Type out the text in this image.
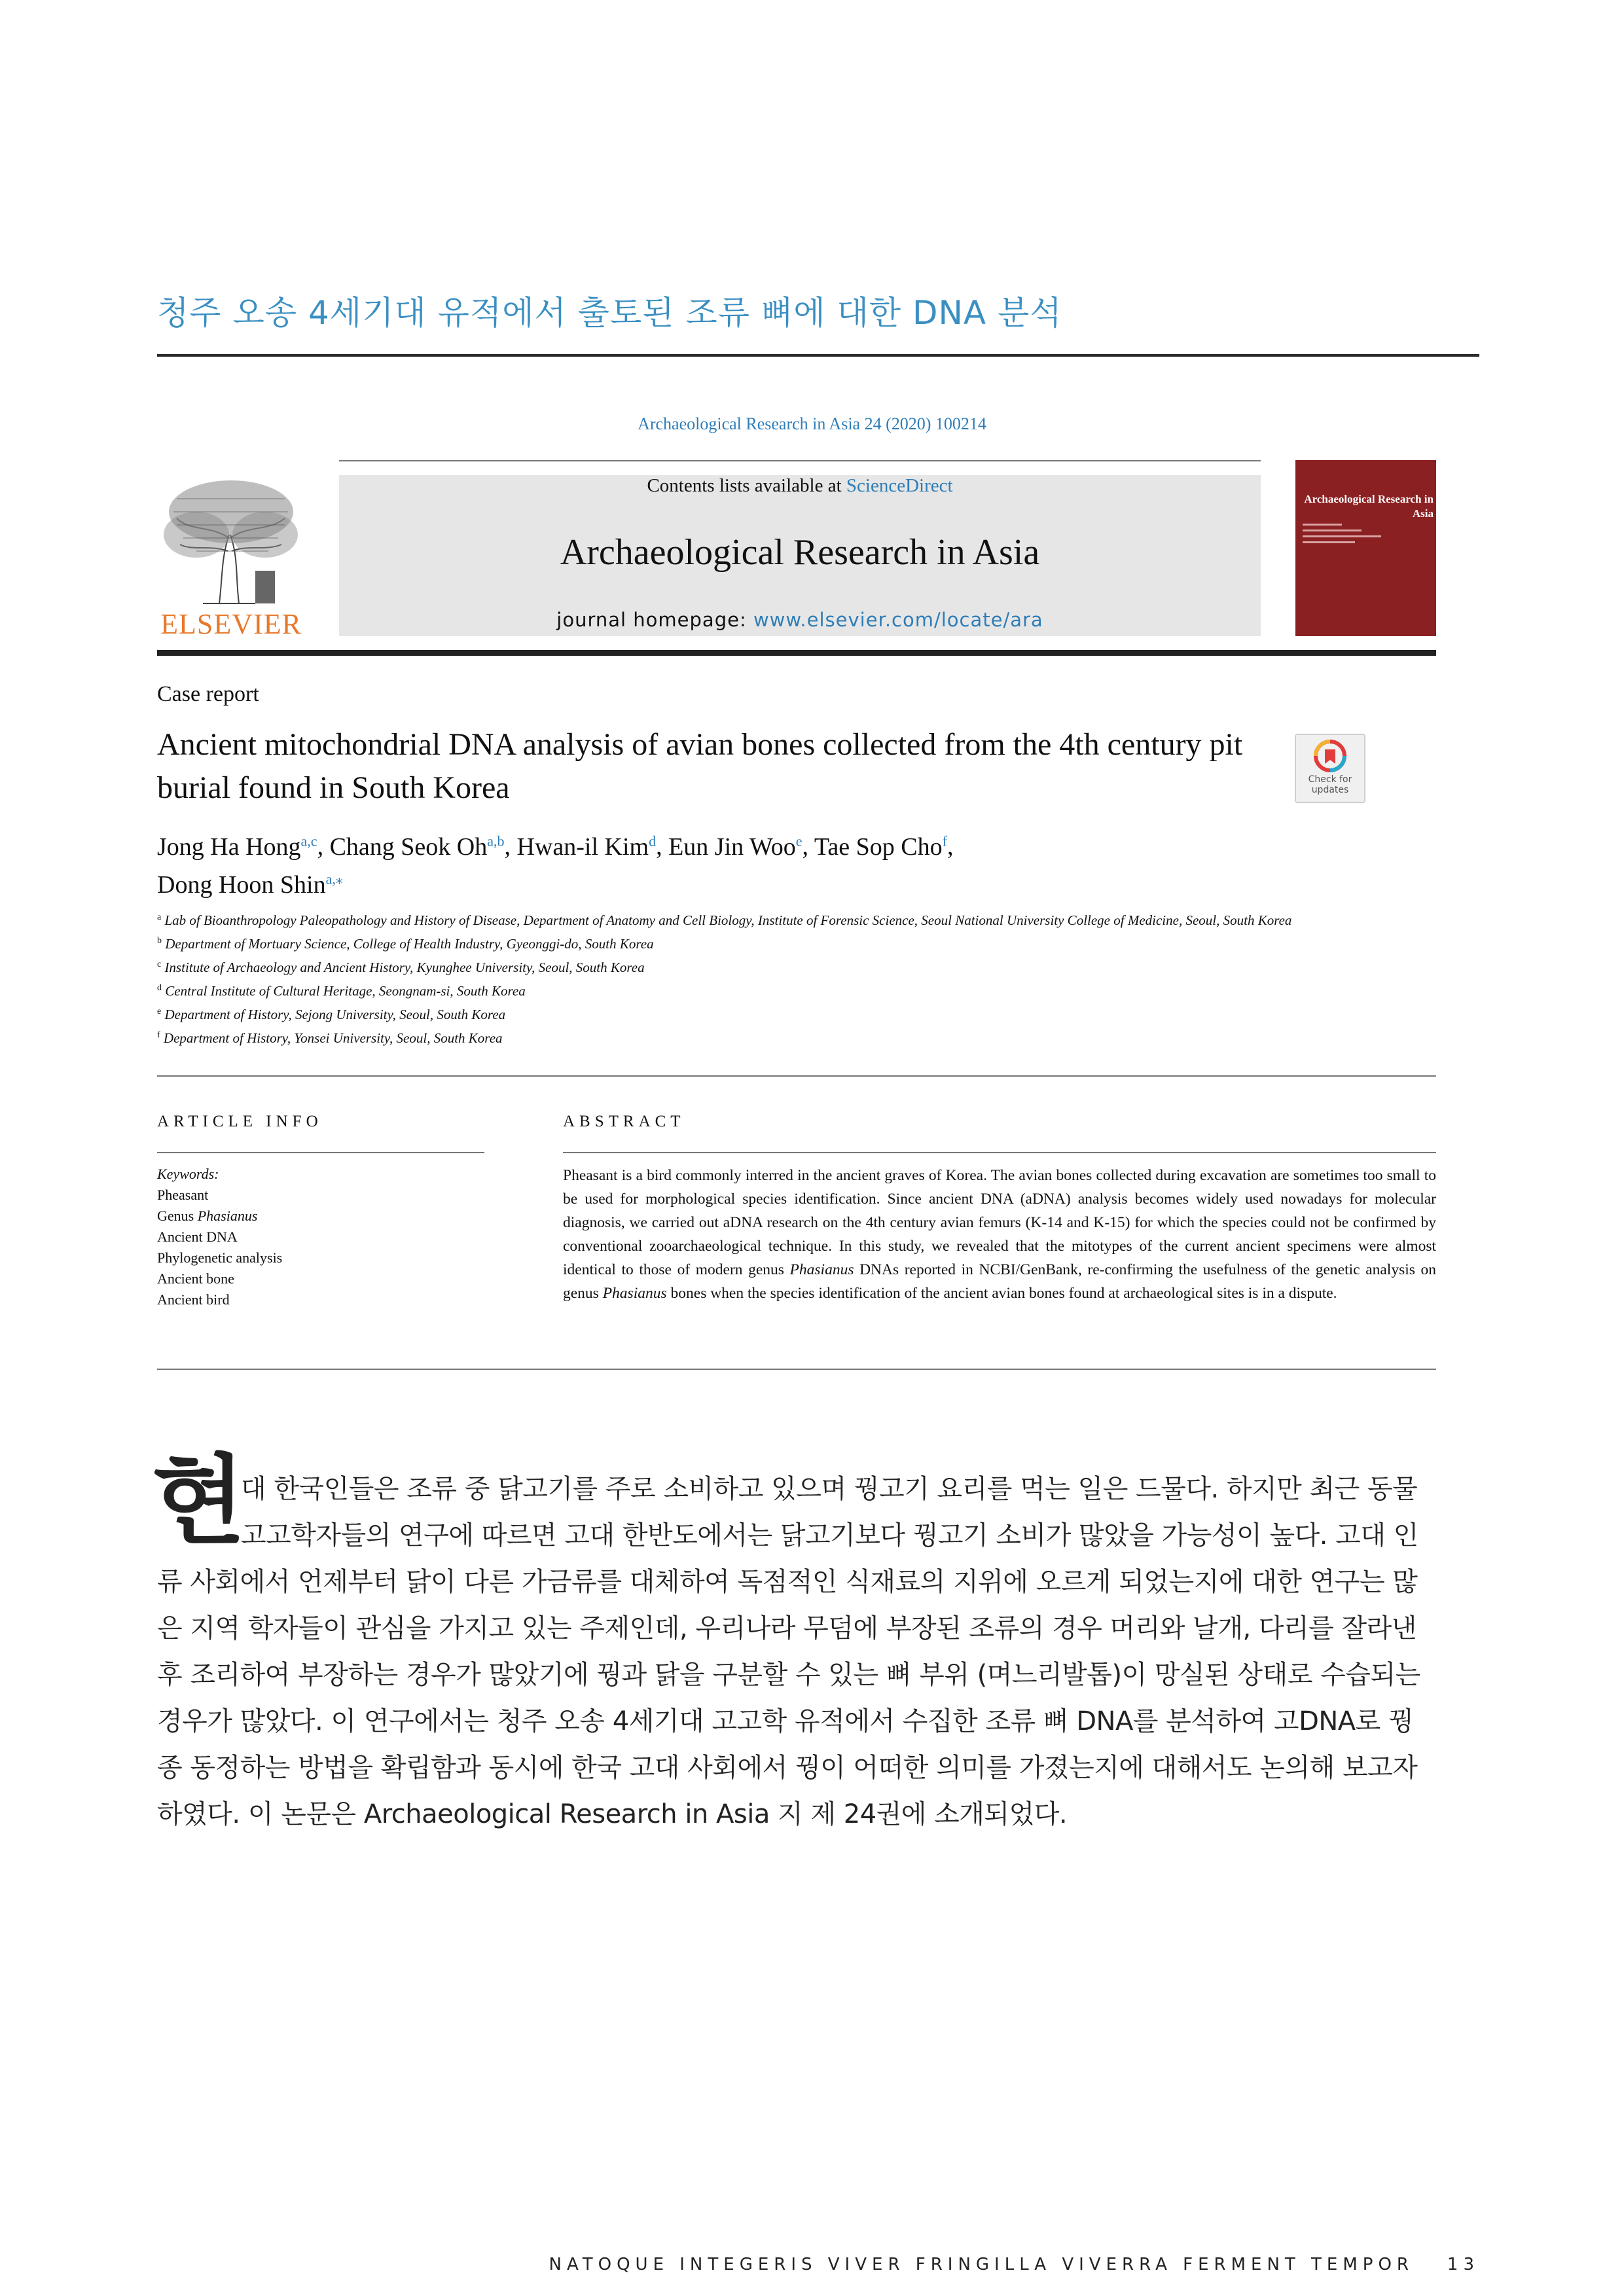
청주 오송 4세기대 유적에서 출토된 조류 뼈에 대한 DNA 분석
Archaeological Research in Asia 24 (2020) 100214
ELSEVIER
Contents lists available at ScienceDirect
Archaeological Research in Asia
journal homepage: www.elsevier.com/locate/ara
Archaeological Research in Asia
Case report
Ancient mitochondrial DNA analysis of avian bones collected from the 4th century pit burial found in South Korea	Check for updates
Jong Ha Hong$^{a,c}$, Chang Seok Oh$^{a,b}$, Hwan-il Kim$^d$, Eun Jin Woo$^e$, Tae Sop Cho$^f$,
Dong Hoon Shin$^{a,⁎}$
$^a$ Lab of Bioanthropology Paleopathology and History of Disease, Department of Anatomy and Cell Biology, Institute of Forensic Science, Seoul National University College of Medicine, Seoul, South Korea
$^b$ Department of Mortuary Science, College of Health Industry, Gyeonggi-do, South Korea
$^c$ Institute of Archaeology and Ancient History, Kyunghee University, Seoul, South Korea
$^d$ Central Institute of Cultural Heritage, Seongnam-si, South Korea
$^e$ Department of History, Sejong University, Seoul, South Korea
$^f$ Department of History, Yonsei University, Seoul, South Korea
ARTICLE INFO	ABSTRACT
Keywords:
Pheasant
Genus Phasianus
Ancient DNA
Phylogenetic analysis
Ancient bone
Ancient bird
Pheasant is a bird commonly interred in the ancient graves of Korea. The avian bones collected during excavation are sometimes too small to be used for morphological species identification. Since ancient DNA (aDNA) analysis becomes widely used nowadays for molecular diagnosis, we carried out aDNA research on the 4th century avian femurs (K-14 and K-15) for which the species could not be confirmed by conventional zooarchaeological technique. In this study, we revealed that the mitotypes of the current ancient specimens were almost identical to those of modern genus Phasianus DNAs reported in NCBI/GenBank, re-confirming the usefulness of the genetic analysis on genus Phasianus bones when the species identification of the ancient avian bones found at archaeological sites is in a dispute.
현
대 한국인들은 조류 중 닭고기를 주로 소비하고 있으며 꿩고기 요리를 먹는 일은 드물다. 하지만 최근 동물
고고학자들의 연구에 따르면 고대 한반도에서는 닭고기보다 꿩고기 소비가 많았을 가능성이 높다. 고대 인
류 사회에서 언제부터 닭이 다른 가금류를 대체하여 독점적인 식재료의 지위에 오르게 되었는지에 대한 연구는 많
은 지역 학자들이 관심을 가지고 있는 주제인데, 우리나라 무덤에 부장된 조류의 경우 머리와 날개, 다리를 잘라낸
후 조리하여 부장하는 경우가 많았기에 꿩과 닭을 구분할 수 있는 뼈 부위 (며느리발톱)이 망실된 상태로 수습되는
경우가 많았다. 이 연구에서는 청주 오송 4세기대 고고학 유적에서 수집한 조류 뼈 DNA를 분석하여 고DNA로 꿩
종 동정하는 방법을 확립함과 동시에 한국 고대 사회에서 꿩이 어떠한 의미를 가졌는지에 대해서도 논의해 보고자
하였다. 이 논문은 Archaeological Research in Asia 지 제 24권에 소개되었다.
NATOQUE INTEGERIS VIVER FRINGILLA VIVERRA FERMENT TEMPOR	13
